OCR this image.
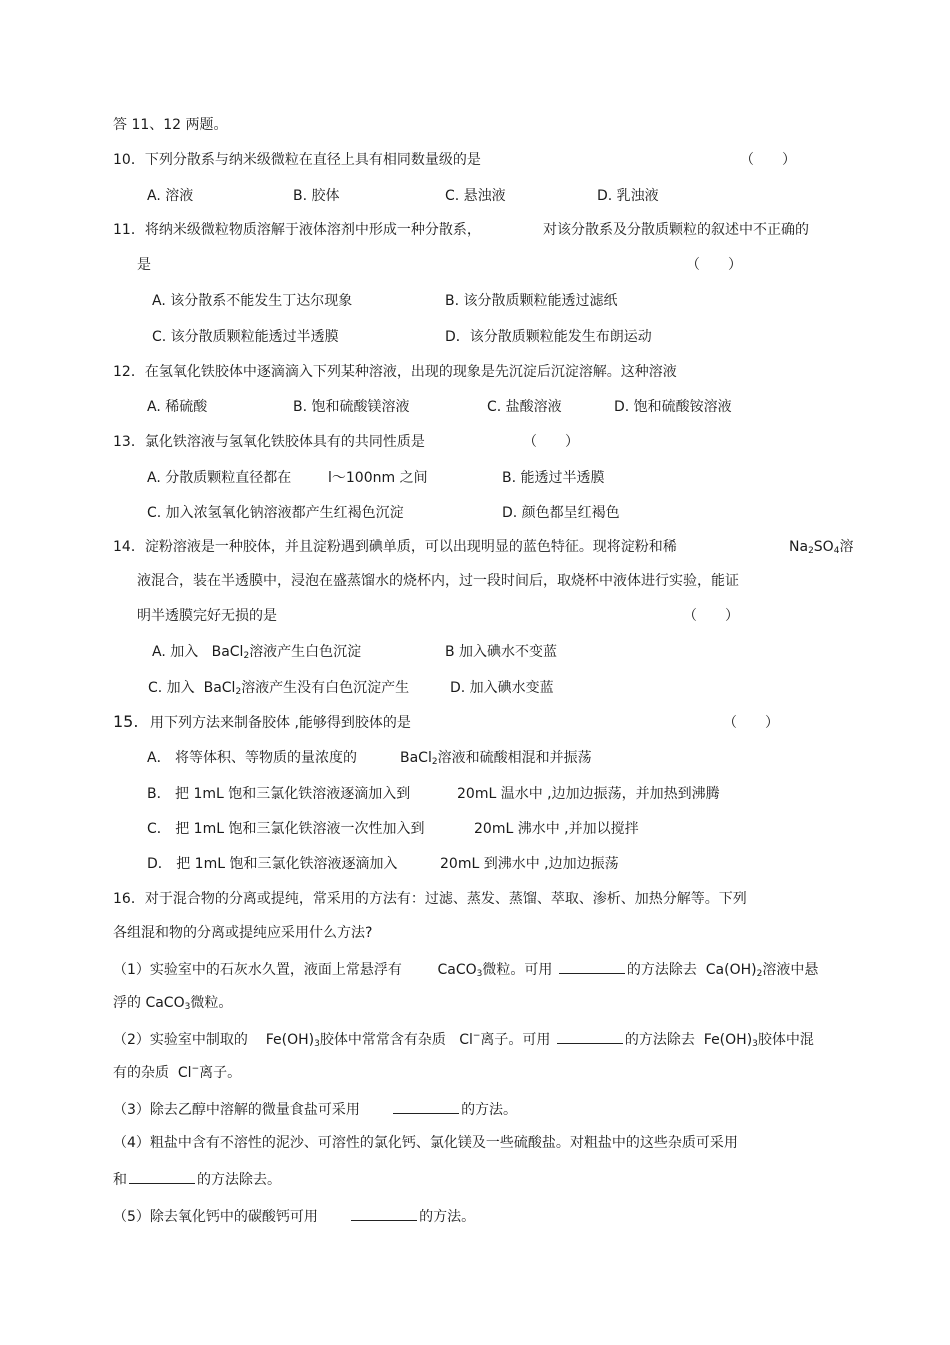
答 11、12 两题。
10．下列分散系与纳米级微粒在直径上具有相同数量级的是	（　　）
A. 溶液	B. 胶体	C. 悬浊液	D. 乳浊液
11．将纳米级微粒物质溶解于液体溶剂中形成一种分散系，	对该分散系及分散质颗粒的叙述中不正确的
是	（　　）
A. 该分散系不能发生丁达尔现象	B. 该分散质颗粒能透过滤纸
C. 该分散质颗粒能透过半透膜	D．该分散质颗粒能发生布朗运动
12．在氢氧化铁胶体中逐滴滴入下列某种溶液，出现的现象是先沉淀后沉淀溶解。这种溶液
A. 稀硫酸	B. 饱和硫酸镁溶液	C. 盐酸溶液	D. 饱和硫酸铵溶液
13．氯化铁溶液与氢氧化铁胶体具有的共同性质是	（　　）
A. 分散质颗粒直径都在	l～100nm 之间	B. 能透过半透膜
C. 加入浓氢氧化钠溶液都产生红褐色沉淀	D. 颜色都呈红褐色
14．淀粉溶液是一种胶体，并且淀粉遇到碘单质，可以出现明显的蓝色特征。现将淀粉和稀	$Na_2SO_4$溶
液混合，装在半透膜中，浸泡在盛蒸馏水的烧杯内，过一段时间后，取烧杯中液体进行实验，能证
明半透膜完好无损的是	（　　）
A. 加入 BaCl$_2$溶液产生白色沉淀	B 加入碘水不变蓝
C. 加入 BaCl$_2$溶液产生没有白色沉淀产生	D. 加入碘水变蓝
15. 用下列方法来制备胶体 ,能够得到胶体的是	（　　）
A． 将等体积、等物质的量浓度的	BaCl$_2$溶液和硫酸相混和并振荡
B． 把 1mL 饱和三氯化铁溶液逐滴加入到	20mL 温水中 ,边加边振荡，并加热到沸腾
C． 把 1mL 饱和三氯化铁溶液一次性加入到	20mL 沸水中 ,并加以搅拌
D． 把 1mL 饱和三氯化铁溶液逐滴加入	20mL 到沸水中 ,边加边振荡
16．对于混合物的分离或提纯，常采用的方法有：过滤、蒸发、蒸馏、萃取、渗析、加热分解等。下列
各组混和物的分离或提纯应采用什么方法?
（1）实验室中的石灰水久置，液面上常悬浮有	CaCO$_3$微粒。可用	的方法除去 $Ca(OH)_2$溶液中悬
浮的 CaCO$_3$微粒。
（2）实验室中制取的 $Fe(OH)_3$胶体中常常含有杂质 Cl−离子。可用	的方法除去 $Fe(OH)_3$胶体中混
有的杂质 Cl−离子。
（3）除去乙醇中溶解的微量食盐可采用	的方法。
（4）粗盐中含有不溶性的泥沙、可溶性的氯化钙、氯化镁及一些硫酸盐。对粗盐中的这些杂质可采用
和	的方法除去。
（5）除去氧化钙中的碳酸钙可用	的方法。
